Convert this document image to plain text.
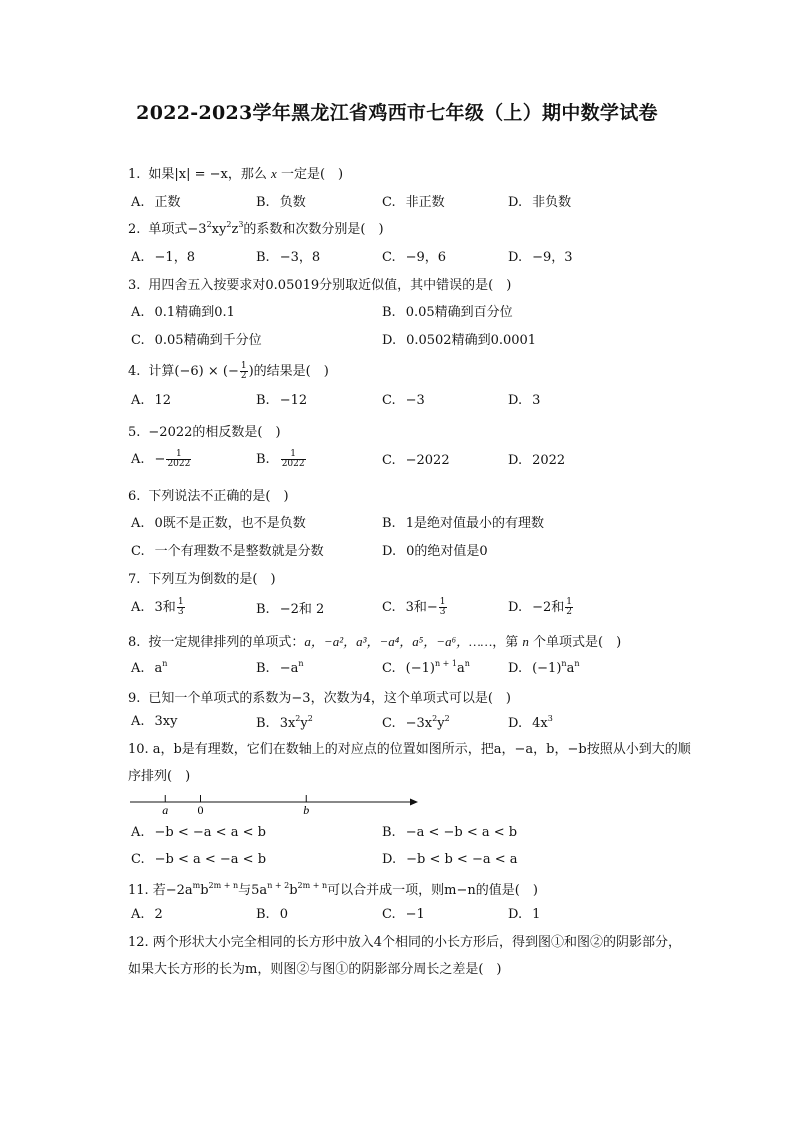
2022-2023学年黑龙江省鸡西市七年级（上）期中数学试卷
1. 如果|x| = −x，那么 x 一定是(　)
A. 正数	B. 负数	C. 非正数	D. 非负数
2. 单项式$-3^2xy^2z^3$的系数和次数分别是(　)
A. −1，8	B. −3，8	C. −9，6	D. −9，3
3. 用四舍五入按要求对0.05019分别取近似值，其中错误的是(　)
A. 0.1精确到0.1	B. 0.05精确到百分位
C. 0.05精确到千分位	D. 0.0502精确到0.0001
4. 计算(−6) × (− $\frac{1}{2}$ )的结果是(　)
A. 12	B. −12	C. −3	D. 3
5. −2022的相反数是(　)
A. − $\frac{1}{2022}$	B. $\frac{1}{2022}$	C. −2022	D. 2022
6. 下列说法不正确的是(　)
A. 0既不是正数，也不是负数	B. 1是绝对值最小的有理数
C. 一个有理数不是整数就是分数	D. 0的绝对值是0
7. 下列互为倒数的是(　)
A. 3和 $\frac{1}{3}$	B. −2和 2	C. 3和− $\frac{1}{3}$	D. −2和 $\frac{1}{2}$
8. 按一定规律排列的单项式：a，−a²，a³，−a⁴，a⁵，−a⁶，……，第 n 个单项式是(　)
A. $a^n$	B. $-a^n$	C. $(-1)^{n + 1}a^n$	D. $(-1)^na^n$
9. 已知一个单项式的系数为−3，次数为4，这个单项式可以是(　)
A. 3xy	B. $3x^2y^2$	C. $-3x^2y^2$	D. $4x^3$
10. a，b是有理数，它们在数轴上的对应点的位置如图所示，把a，−a，b，−b按照从小到大的顺序排列(　)
a 0	b
A. −b < −a < a < b	B. −a < −b < a < b
C. −b < a < −a < b	D. −b < b < −a < a
11. 若$-2a^mb^{2m + n}$与$5a^{n + 2}b^{2m + n}$可以合并成一项，则m−n的值是(　)
A. 2	B. 0	C. −1	D. 1
12. 两个形状大小完全相同的长方形中放入4个相同的小长方形后，得到图①和图②的阴影部分，如果大长方形的长为m，则图②与图①的阴影部分周长之差是(　)
